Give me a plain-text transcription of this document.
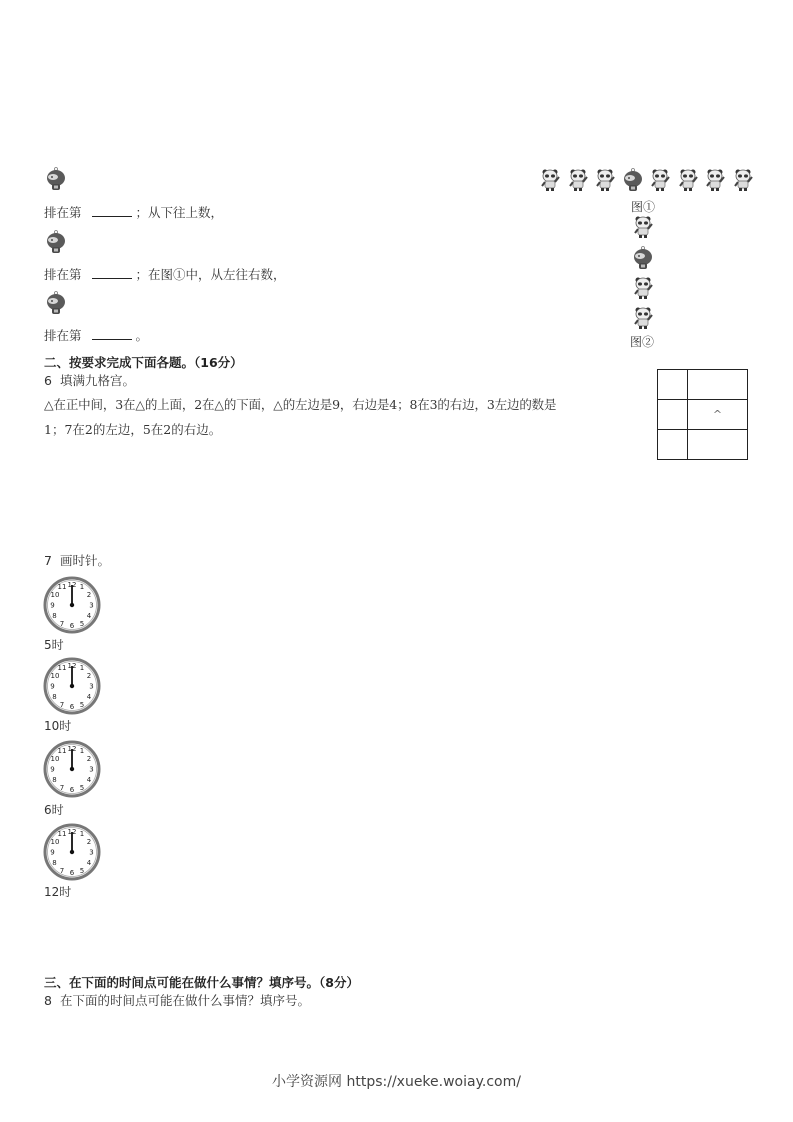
排在第	；从下往上数，
排在第	；在图①中，从左往右数，
排在第	。
图①
图②
二、按要求完成下面各题。（16分）
6 填满九格宫。
△在正中间，3在△的上面，2在△的下面，△的左边是9，右边是4；8在3的右边，3左边的数是
1；7在2的左边，5在2的右边。

	^

7 画时针。
5时
10时
6时
12时
三、在下面的时间点可能在做什么事情？填序号。（8分）
8 在下面的时间点可能在做什么事情？填序号。
小学资源网 https://xueke.woiay.com/
